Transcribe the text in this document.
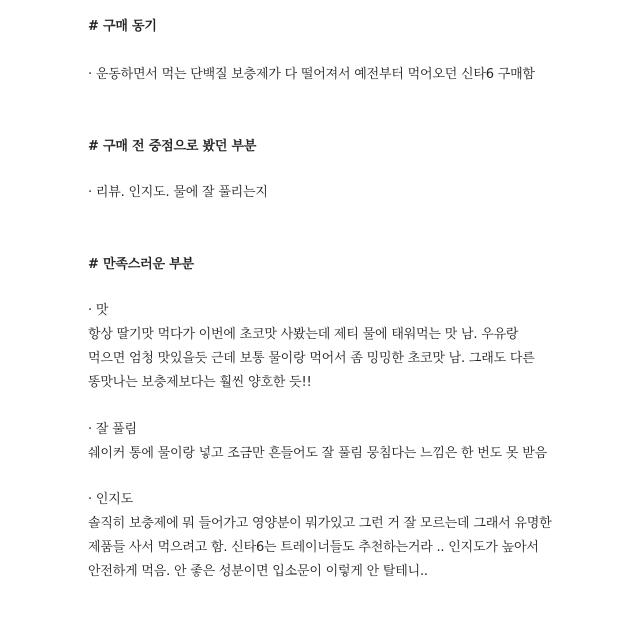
# 구매 동기
· 운동하면서 먹는 단백질 보충제가 다 떨어져서 예전부터 먹어오던 신타6 구매함
# 구매 전 중점으로 봤던 부분
· 리뷰. 인지도. 물에 잘 풀리는지
# 만족스러운 부분
· 맛
항상 딸기맛 먹다가 이번에 초코맛 사봤는데 제티 물에 태워먹는 맛 남. 우유랑
먹으면 엄청 맛있을듯 근데 보통 물이랑 먹어서 좀 밍밍한 초코맛 남. 그래도 다른
똥맛나는 보충제보다는 훨씬 양호한 듯!!
· 잘 풀림
쉐이커 통에 물이랑 넣고 조금만 흔들어도 잘 풀림 뭉침다는 느낌은 한 번도 못 받음
· 인지도
솔직히 보충제에 뭐 들어가고 영양분이 뭐가있고 그런 거 잘 모르는데 그래서 유명한
제품들 사서 먹으려고 함. 신타6는 트레이너들도 추천하는거라 .. 인지도가 높아서
안전하게 먹음. 안 좋은 성분이면 입소문이 이렇게 안 탈테니..
